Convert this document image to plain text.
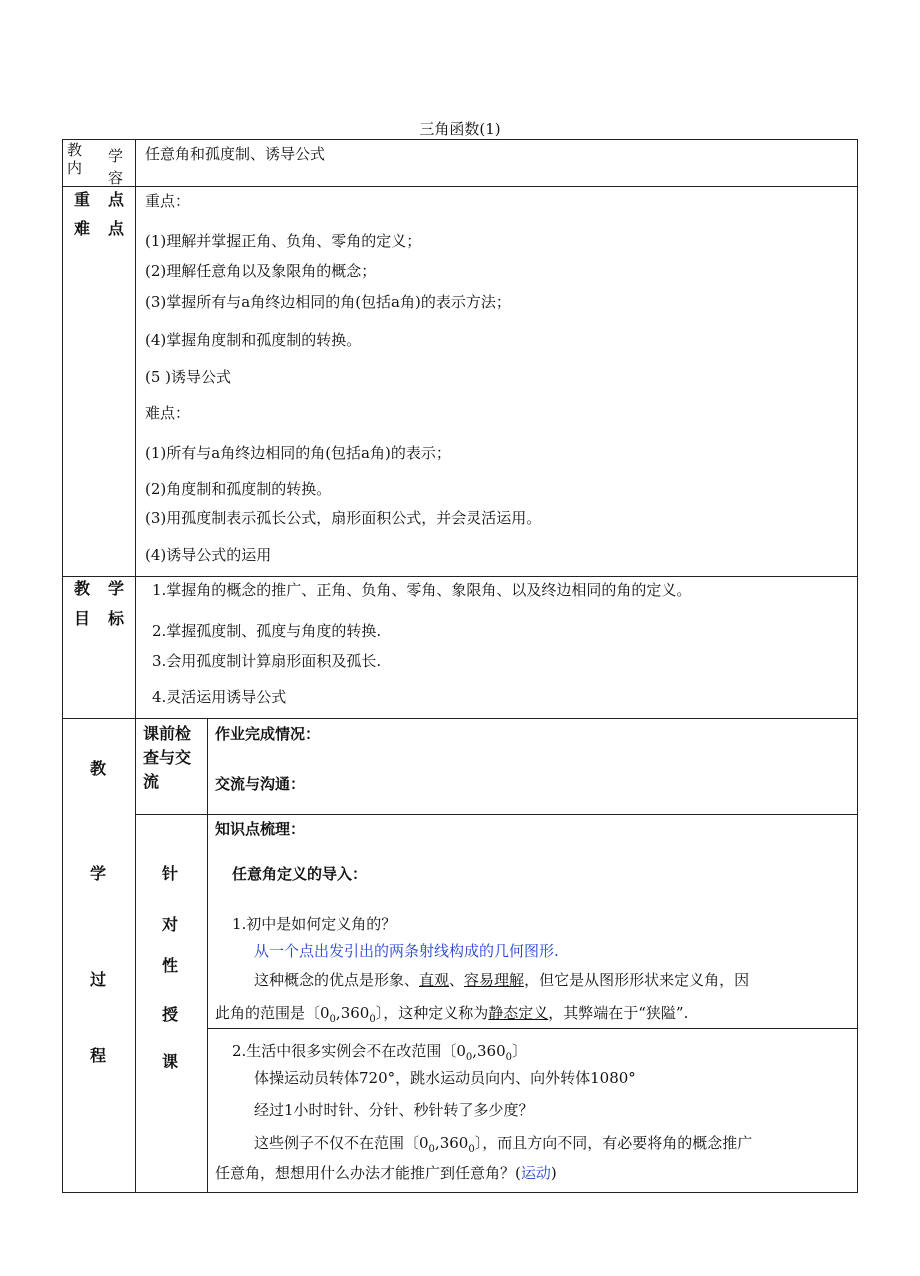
三角函数(1)
教 学
内
容
任意角和孤度制、诱导公式
重 点
难 点
重点：
(1)理解并掌握正角、负角、零角的定义；
(2)理解任意角以及象限角的概念；
(3)掌握所有与a角终边相同的角(包括a角)的表示方法；
(4)掌握角度制和孤度制的转换。
(5 )诱导公式
难点：
(1)所有与a角终边相同的角(包括a角)的表示；
(2)角度制和孤度制的转换。
(3)用孤度制表示孤长公式，扇形面积公式，并会灵活运用。
(4)诱导公式的运用
教 学
目 标
1.掌握角的概念的推广、正角、负角、零角、象限角、以及终边相同的角的定义。
2.掌握孤度制、孤度与角度的转换.
3.会用孤度制计算扇形面积及孤长.
4.灵活运用诱导公式
教
学
过
程
课前检
查与交
流
作业完成情况：
交流与沟通：
针
对
性
授
课
知识点梳理：
任意角定义的导入：
1.初中是如何定义角的？
从一个点出发引出的两条射线构成的几何图形.
这种概念的优点是形象、直观、容易理解，但它是从图形形状来定义角，因
此角的范围是〔$0_0,360_0$〕，这种定义称为静态定义，其弊端在于“狭隘”.
2.生活中很多实例会不在改范围〔$0_0,360_0$〕
体操运动员转体720°，跳水运动员向内、向外转体1080°
经过1小时时针、分针、秒针转了多少度？
这些例子不仅不在范围〔$0_0,360_0$〕，而且方向不同，有必要将角的概念推广
任意角，想想用什么办法才能推广到任意角？(运动)
